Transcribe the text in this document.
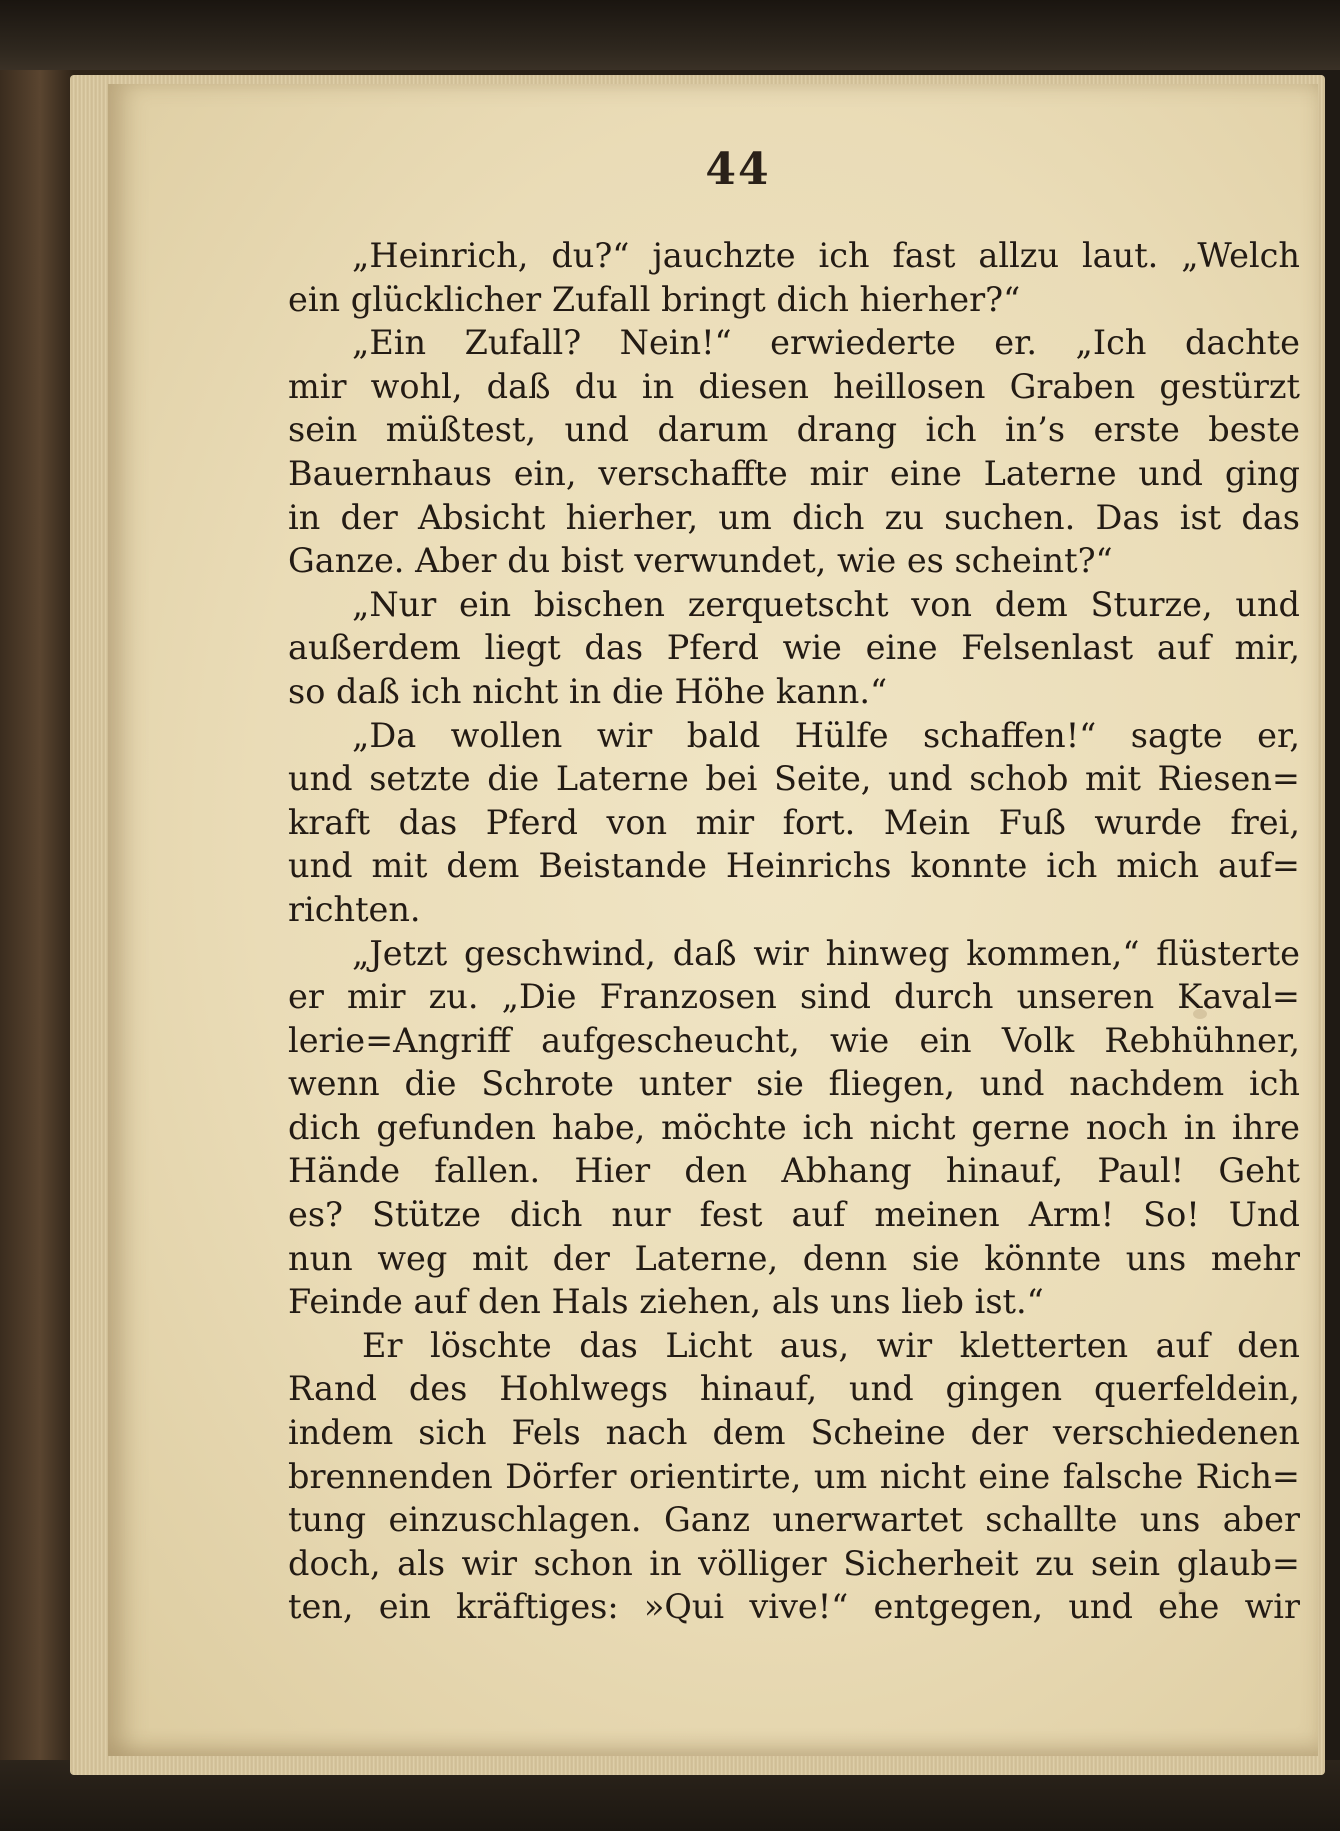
44
„Heinrich, du?“ jauchzte ich fast allzu laut. „Welch
ein glücklicher Zufall bringt dich hierher?“
„Ein Zufall? Nein!“ erwiederte er. „Ich dachte
mir wohl, daß du in diesen heillosen Graben gestürzt
sein müßtest, und darum drang ich in’s erste beste
Bauernhaus ein, verschaffte mir eine Laterne und ging
in der Absicht hierher, um dich zu suchen. Das ist das
Ganze. Aber du bist verwundet, wie es scheint?“
„Nur ein bischen zerquetscht von dem Sturze, und
außerdem liegt das Pferd wie eine Felsenlast auf mir,
so daß ich nicht in die Höhe kann.“
„Da wollen wir bald Hülfe schaffen!“ sagte er,
und setzte die Laterne bei Seite, und schob mit Riesen=
kraft das Pferd von mir fort. Mein Fuß wurde frei,
und mit dem Beistande Heinrichs konnte ich mich auf=
richten.
„Jetzt geschwind, daß wir hinweg kommen,“ flüsterte
er mir zu. „Die Franzosen sind durch unseren Kaval=
lerie=Angriff aufgescheucht, wie ein Volk Rebhühner,
wenn die Schrote unter sie fliegen, und nachdem ich
dich gefunden habe, möchte ich nicht gerne noch in ihre
Hände fallen. Hier den Abhang hinauf, Paul! Geht
es? Stütze dich nur fest auf meinen Arm! So! Und
nun weg mit der Laterne, denn sie könnte uns mehr
Feinde auf den Hals ziehen, als uns lieb ist.“
Er löschte das Licht aus, wir kletterten auf den
Rand des Hohlwegs hinauf, und gingen querfeldein,
indem sich Fels nach dem Scheine der verschiedenen
brennenden Dörfer orientirte, um nicht eine falsche Rich=
tung einzuschlagen. Ganz unerwartet schallte uns aber
doch, als wir schon in völliger Sicherheit zu sein glaub=
ten, ein kräftiges: »Qui vive!“ entgegen, und ehe wir
